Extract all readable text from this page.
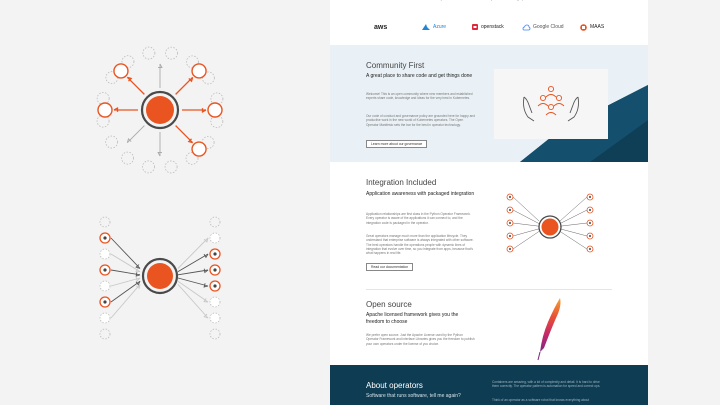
aws	Azure	openstack	Google Cloud	MAAS
Community First
A great place to share code and get things done
Welcome! This is an open community where new members and established experts share code, knowledge and ideas for the very best in Kubernetes.
Our code of conduct and governance policy are grounded here for happy and productive work in the new world of Kubernetes operators. The Open Operator Manifesto sets the bar for the best in operator technology.
Learn more about our governance
Integration Included
Application awareness with packaged integration
Application relationships are first class in the Python Operator Framework. Every operator is aware of the applications it can connect to, and the integration code is packaged in the operator.
Great operators manage much more than the application lifecycle. They understand that enterprise software is always integrated with other software. The best operators handle the operations people with dynamic lines of integration that evolve over time, so you integrate from apps, because that's what happens in real life.
Read our documentation
Open source
Apache licensed framework gives you the freedom to choose
We prefer open source. Just the Apache License used by the Python Operator Framework and interface Libraries gives you the freedom to publish your own operators under the license of you choice.
About operators
Software that runs software, tell me again?
Containers are amazing, with a lot of complexity and detail. It is hard to drive them correctly. The operator pattern is automation for speed and correct ops.
Think of an operator as a software robot that knows everything about
